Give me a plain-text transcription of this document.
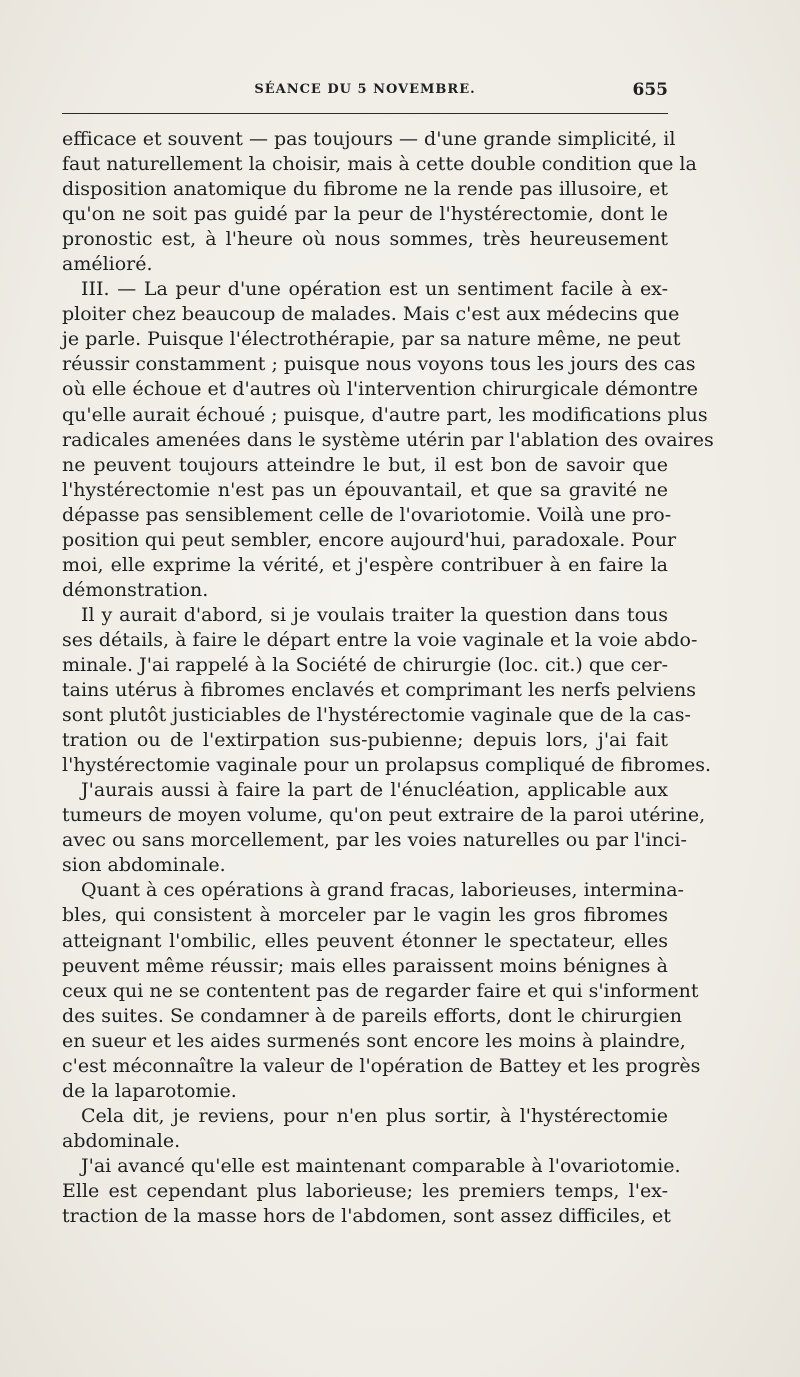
SÉANCE DU 5 NOVEMBRE.	655
efficace et souvent — pas toujours — d'une grande simplicité, il
faut naturellement la choisir, mais à cette double condition que la
disposition anatomique du fibrome ne la rende pas illusoire, et
qu'on ne soit pas guidé par la peur de l'hystérectomie, dont le
pronostic est, à l'heure où nous sommes, très heureusement
amélioré.
III. — La peur d'une opération est un sentiment facile à ex-
ploiter chez beaucoup de malades. Mais c'est aux médecins que
je parle. Puisque l'électrothérapie, par sa nature même, ne peut
réussir constamment ; puisque nous voyons tous les jours des cas
où elle échoue et d'autres où l'intervention chirurgicale démontre
qu'elle aurait échoué ; puisque, d'autre part, les modifications plus
radicales amenées dans le système utérin par l'ablation des ovaires
ne peuvent toujours atteindre le but, il est bon de savoir que
l'hystérectomie n'est pas un épouvantail, et que sa gravité ne
dépasse pas sensiblement celle de l'ovariotomie. Voilà une pro-
position qui peut sembler, encore aujourd'hui, paradoxale. Pour
moi, elle exprime la vérité, et j'espère contribuer à en faire la
démonstration.
Il y aurait d'abord, si je voulais traiter la question dans tous
ses détails, à faire le départ entre la voie vaginale et la voie abdo-
minale. J'ai rappelé à la Société de chirurgie (loc. cit.) que cer-
tains utérus à fibromes enclavés et comprimant les nerfs pelviens
sont plutôt justiciables de l'hystérectomie vaginale que de la cas-
tration ou de l'extirpation sus-pubienne; depuis lors, j'ai fait
l'hystérectomie vaginale pour un prolapsus compliqué de fibromes.
J'aurais aussi à faire la part de l'énucléation, applicable aux
tumeurs de moyen volume, qu'on peut extraire de la paroi utérine,
avec ou sans morcellement, par les voies naturelles ou par l'inci-
sion abdominale.
Quant à ces opérations à grand fracas, laborieuses, intermina-
bles, qui consistent à morceler par le vagin les gros fibromes
atteignant l'ombilic, elles peuvent étonner le spectateur, elles
peuvent même réussir; mais elles paraissent moins bénignes à
ceux qui ne se contentent pas de regarder faire et qui s'informent
des suites. Se condamner à de pareils efforts, dont le chirurgien
en sueur et les aides surmenés sont encore les moins à plaindre,
c'est méconnaître la valeur de l'opération de Battey et les progrès
de la laparotomie.
Cela dit, je reviens, pour n'en plus sortir, à l'hystérectomie
abdominale.
J'ai avancé qu'elle est maintenant comparable à l'ovariotomie.
Elle est cependant plus laborieuse; les premiers temps, l'ex-
traction de la masse hors de l'abdomen, sont assez difficiles, et
